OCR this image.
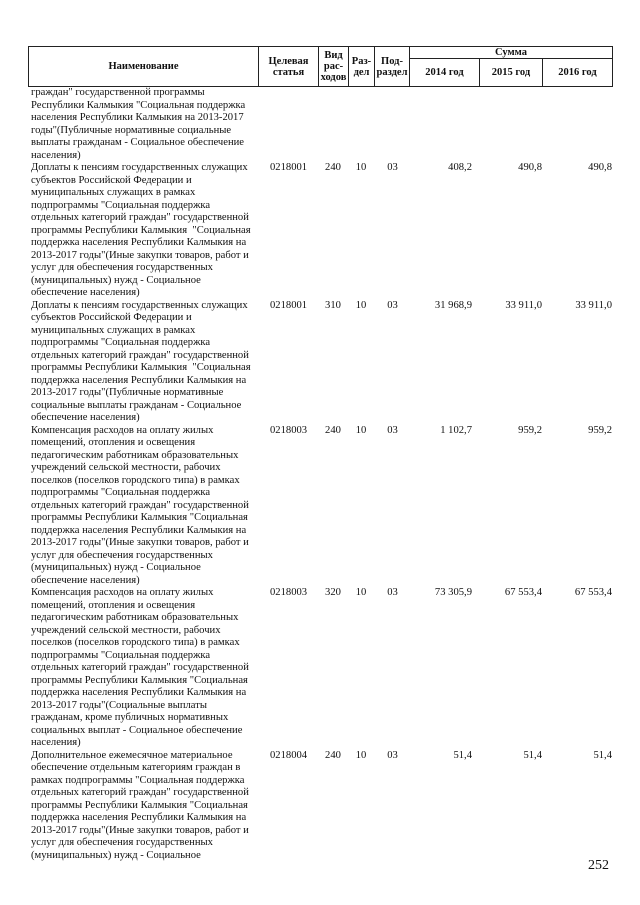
Наименование	Целевая статья	Вид рас-ходов	Раз-дел	Под-раздел	Сумма		
					2014 год	2015 год	2016 год
граждан" государственной программы
Республики Калмыкия "Социальная поддержка
населения Республики Калмыкия на 2013-2017
годы"(Публичные нормативные социальные
выплаты гражданам - Социальное обеспечение
населения)
Доплаты к пенсиям государственных служащих
субъектов Российской Федерации и
муниципальных служащих в рамках
подпрограммы "Социальная поддержка
отдельных категорий граждан" государственной
программы Республики Калмыкия  "Социальная
поддержка населения Республики Калмыкия на
2013-2017 годы"(Иные закупки товаров, работ и
услуг для обеспечения государственных
(муниципальных) нужд - Социальное
обеспечение населения)
0218001	240	10	03	408,2	490,8	490,8
Доплаты к пенсиям государственных служащих
субъектов Российской Федерации и
муниципальных служащих в рамках
подпрограммы "Социальная поддержка
отдельных категорий граждан" государственной
программы Республики Калмыкия  "Социальная
поддержка населения Республики Калмыкия на
2013-2017 годы"(Публичные нормативные
социальные выплаты гражданам - Социальное
обеспечение населения)
0218001	310	10	03	31 968,9	33 911,0	33 911,0
Компенсация расходов на оплату жилых
помещений, отопления и освещения
педагогическим работникам образовательных
учреждений сельской местности, рабочих
поселков (поселков городского типа) в рамках
подпрограммы "Социальная поддержка
отдельных категорий граждан" государственной
программы Республики Калмыкия "Социальная
поддержка населения Республики Калмыкия на
2013-2017 годы"(Иные закупки товаров, работ и
услуг для обеспечения государственных
(муниципальных) нужд - Социальное
обеспечение населения)
0218003	240	10	03	1 102,7	959,2	959,2
Компенсация расходов на оплату жилых
помещений, отопления и освещения
педагогическим работникам образовательных
учреждений сельской местности, рабочих
поселков (поселков городского типа) в рамках
подпрограммы "Социальная поддержка
отдельных категорий граждан" государственной
программы Республики Калмыкия "Социальная
поддержка населения Республики Калмыкия на
2013-2017 годы"(Социальные выплаты
гражданам, кроме публичных нормативных
социальных выплат - Социальное обеспечение
населения)
0218003	320	10	03	73 305,9	67 553,4	67 553,4
Дополнительное ежемесячное материальное
обеспечение отдельным категориям граждан в
рамках подпрограммы "Социальная поддержка
отдельных категорий граждан" государственной
программы Республики Калмыкия "Социальная
поддержка населения Республики Калмыкия на
2013-2017 годы"(Иные закупки товаров, работ и
услуг для обеспечения государственных
(муниципальных) нужд - Социальное
0218004	240	10	03	51,4	51,4	51,4
252
